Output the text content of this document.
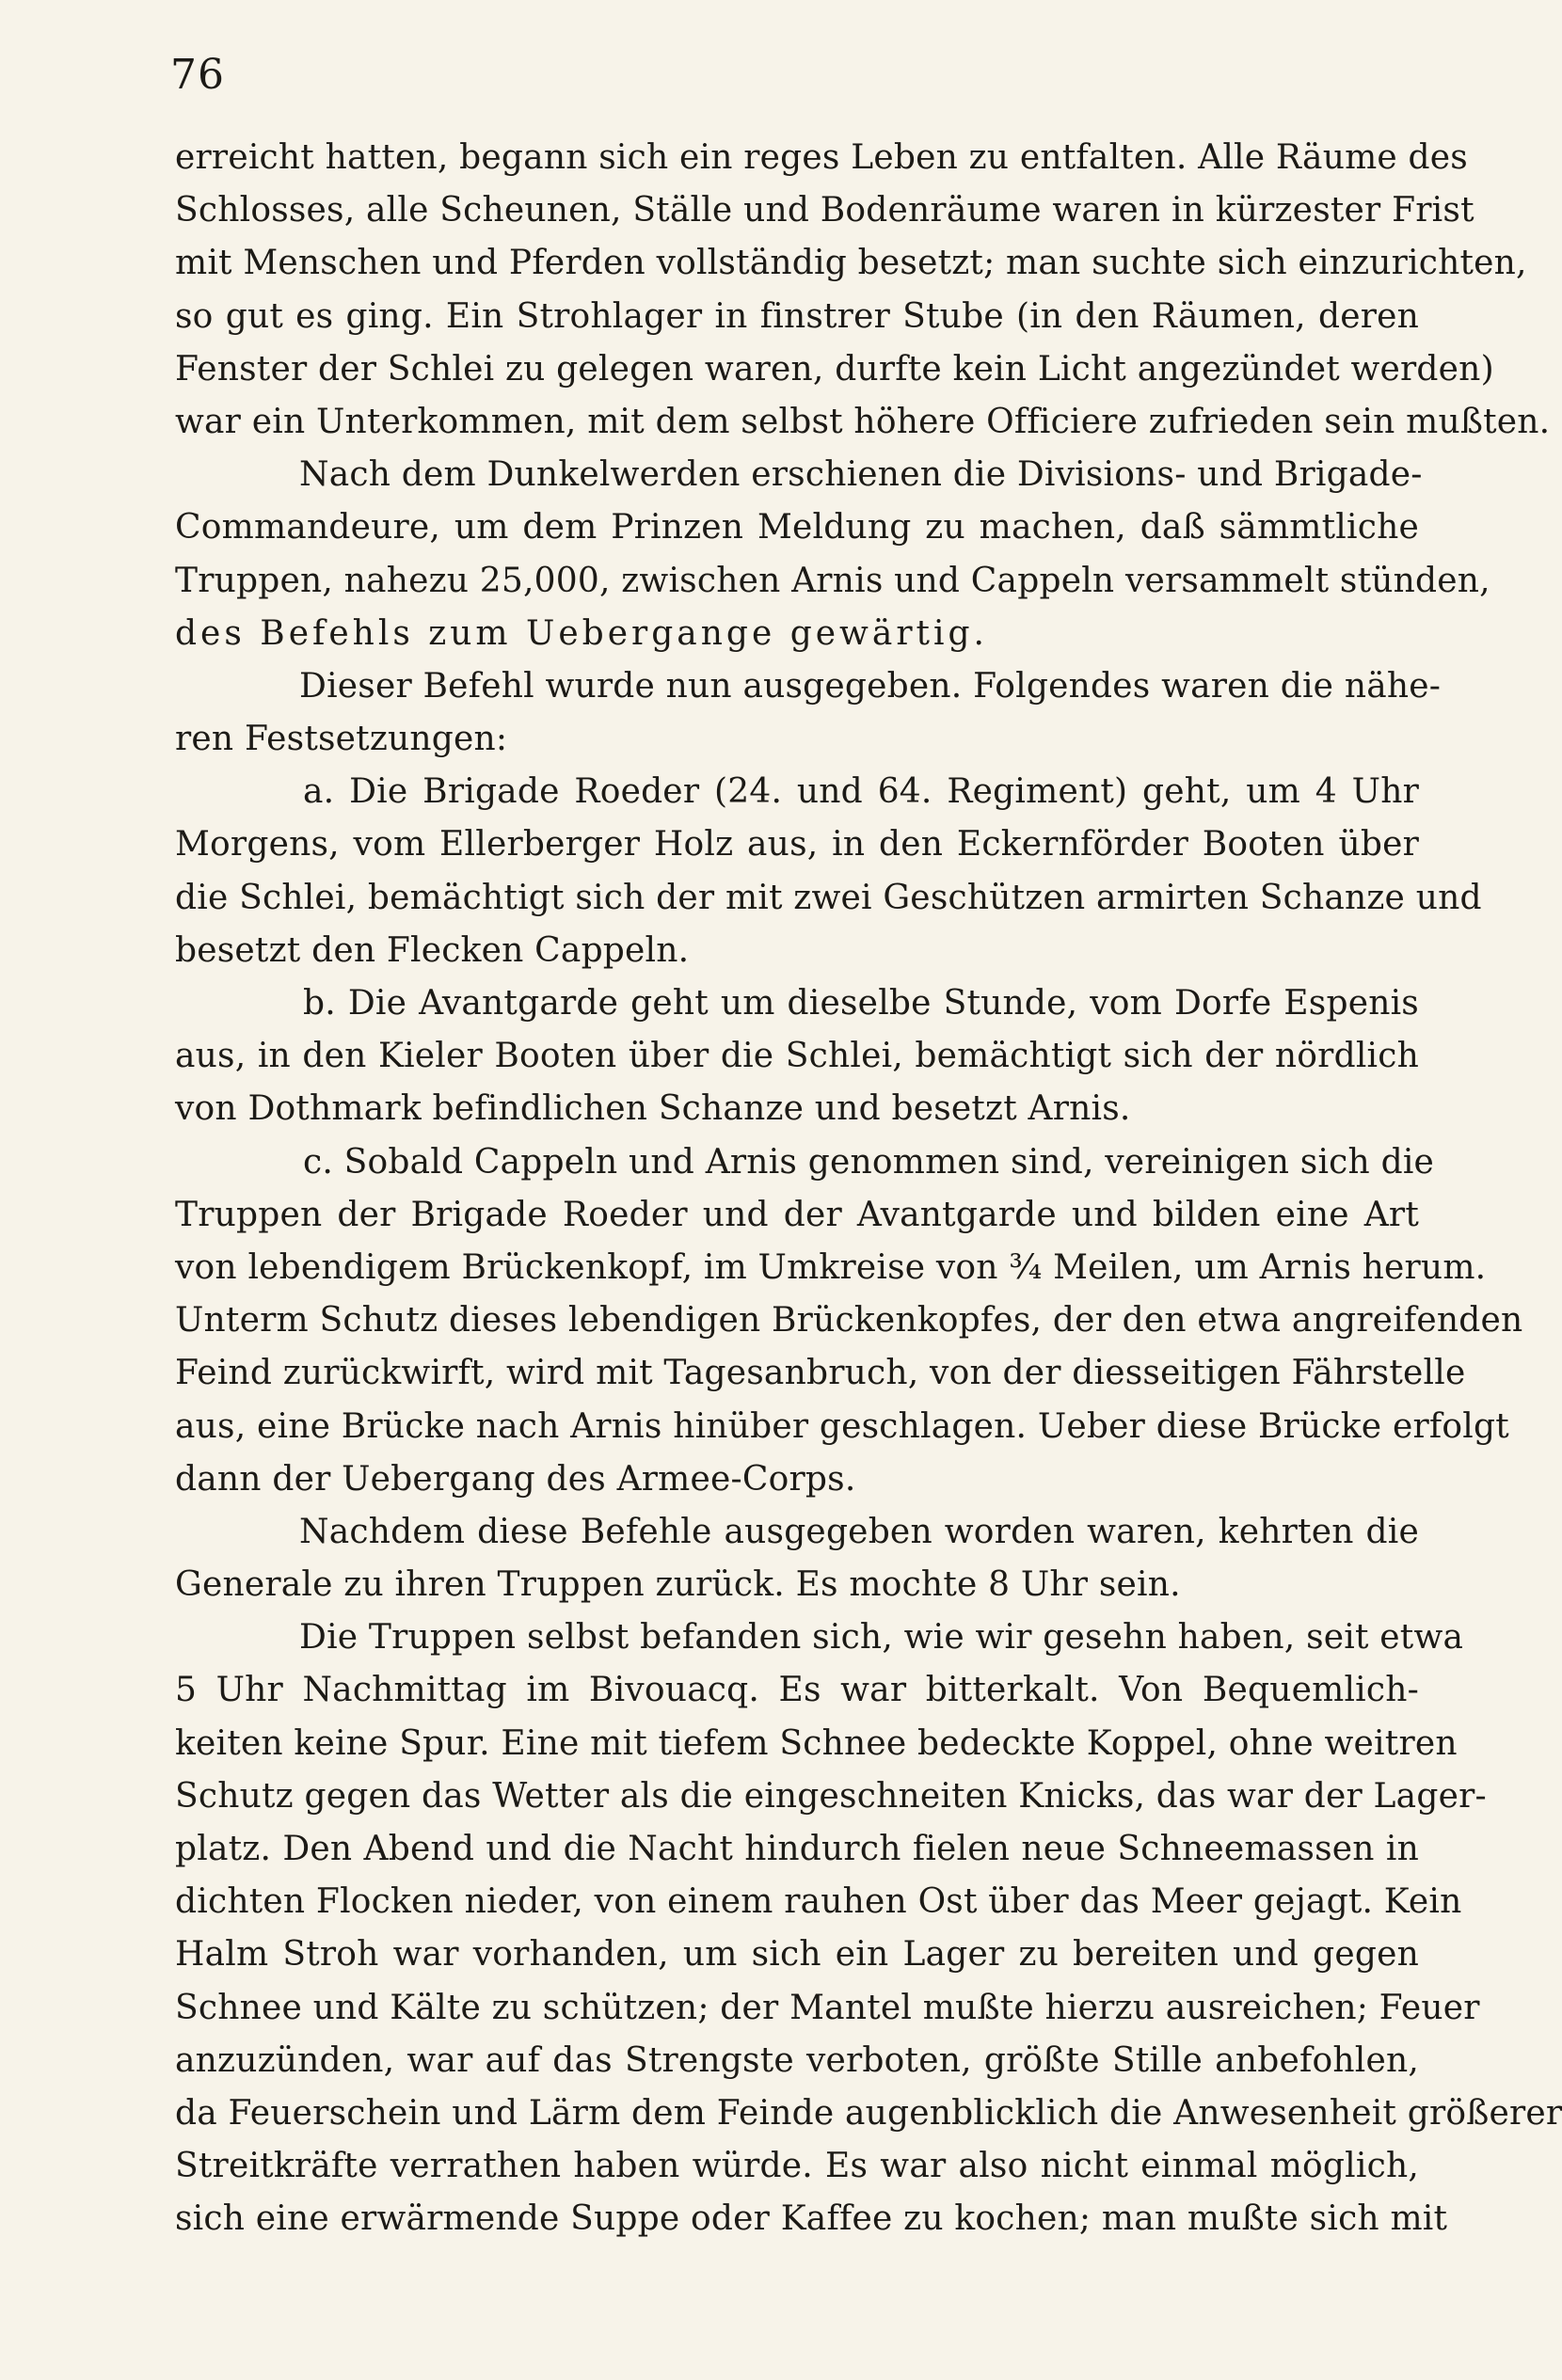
76
erreicht hatten, begann sich ein reges Leben zu entfalten. Alle Räume des
Schlosses, alle Scheunen, Ställe und Bodenräume waren in kürzester Frist
mit Menschen und Pferden vollständig besetzt; man suchte sich einzurichten,
so gut es ging. Ein Strohlager in finstrer Stube (in den Räumen, deren
Fenster der Schlei zu gelegen waren, durfte kein Licht angezündet werden)
war ein Unterkommen, mit dem selbst höhere Officiere zufrieden sein mußten.
Nach dem Dunkelwerden erschienen die Divisions- und Brigade-
Commandeure, um dem Prinzen Meldung zu machen, daß sämmtliche
Truppen, nahezu 25,000, zwischen Arnis und Cappeln versammelt stünden,
des Befehls zum Uebergange gewärtig.
Dieser Befehl wurde nun ausgegeben. Folgendes waren die nähe-
ren Festsetzungen:
a. Die Brigade Roeder (24. und 64. Regiment) geht, um 4 Uhr
Morgens, vom Ellerberger Holz aus, in den Eckernförder Booten über
die Schlei, bemächtigt sich der mit zwei Geschützen armirten Schanze und
besetzt den Flecken Cappeln.
b. Die Avantgarde geht um dieselbe Stunde, vom Dorfe Espenis
aus, in den Kieler Booten über die Schlei, bemächtigt sich der nördlich
von Dothmark befindlichen Schanze und besetzt Arnis.
c. Sobald Cappeln und Arnis genommen sind, vereinigen sich die
Truppen der Brigade Roeder und der Avantgarde und bilden eine Art
von lebendigem Brückenkopf, im Umkreise von ¾ Meilen, um Arnis herum.
Unterm Schutz dieses lebendigen Brückenkopfes, der den etwa angreifenden
Feind zurückwirft, wird mit Tagesanbruch, von der diesseitigen Fährstelle
aus, eine Brücke nach Arnis hinüber geschlagen. Ueber diese Brücke erfolgt
dann der Uebergang des Armee-Corps.
Nachdem diese Befehle ausgegeben worden waren, kehrten die
Generale zu ihren Truppen zurück. Es mochte 8 Uhr sein.
Die Truppen selbst befanden sich, wie wir gesehn haben, seit etwa
5 Uhr Nachmittag im Bivouacq. Es war bitterkalt. Von Bequemlich-
keiten keine Spur. Eine mit tiefem Schnee bedeckte Koppel, ohne weitren
Schutz gegen das Wetter als die eingeschneiten Knicks, das war der Lager-
platz. Den Abend und die Nacht hindurch fielen neue Schneemassen in
dichten Flocken nieder, von einem rauhen Ost über das Meer gejagt. Kein
Halm Stroh war vorhanden, um sich ein Lager zu bereiten und gegen
Schnee und Kälte zu schützen; der Mantel mußte hierzu ausreichen; Feuer
anzuzünden, war auf das Strengste verboten, größte Stille anbefohlen,
da Feuerschein und Lärm dem Feinde augenblicklich die Anwesenheit größerer
Streitkräfte verrathen haben würde. Es war also nicht einmal möglich,
sich eine erwärmende Suppe oder Kaffee zu kochen; man mußte sich mit
